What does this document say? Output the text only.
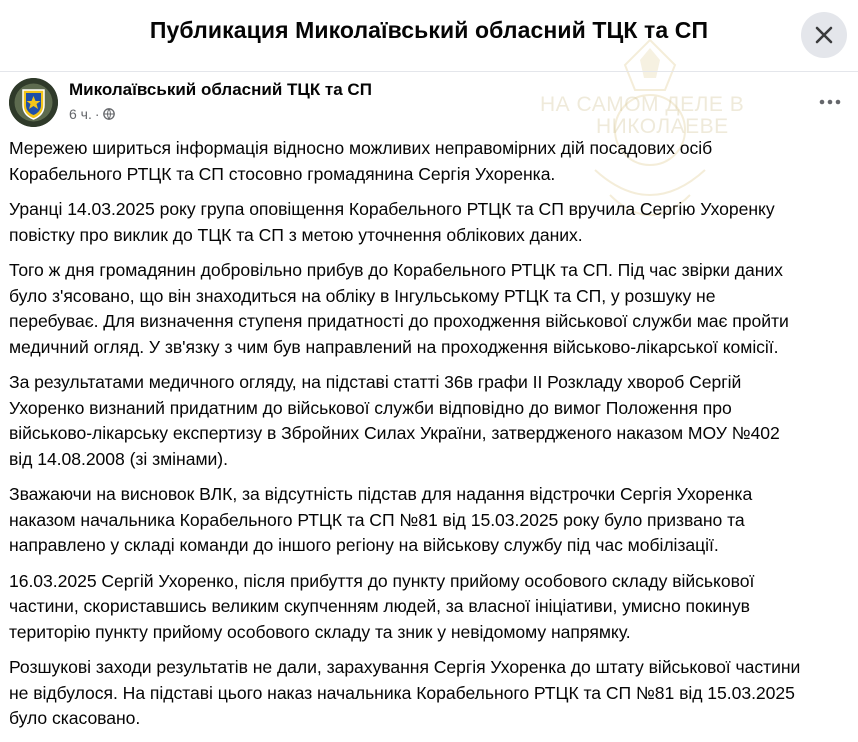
НА САМОМ ДЕЛЕ В
НИКОЛАЕВЕ
Публикация Миколаївський обласний ТЦК та СП
Миколаївський обласний ТЦК та СП
6 ч. ·

Мережею шириться інформація відносно можливих неправомірних дій посадових осіб
Корабельного РТЦК та СП стосовно громадянина Сергія Ухоренка.

Уранці 14.03.2025 року група оповіщення Корабельного РТЦК та СП вручила Сергію Ухоренку
повістку про виклик до ТЦК та СП з метою уточнення облікових даних.

Того ж дня громадянин добровільно прибув до Корабельного РТЦК та СП. Під час звірки даних
було з'ясовано, що він знаходиться на обліку в Інгульському РТЦК та СП, у розшуку не
перебуває. Для визначення ступеня придатності до проходження військової служби має пройти
медичний огляд. У зв'язку з чим був направлений на проходження військово-лікарської комісії.

За результатами медичного огляду, на підставі статті 36в графи ІІ Розкладу хвороб Сергій
Ухоренко визнаний придатним до військової служби відповідно до вимог Положення про
військово-лікарську експертизу в Збройних Силах України, затвердженого наказом МОУ №402
від 14.08.2008 (зі змінами).

Зважаючи на висновок ВЛК, за відсутність підстав для надання відстрочки Сергія Ухоренка
наказом начальника Корабельного РТЦК та СП №81 від 15.03.2025 року було призвано та
направлено у складі команди до іншого регіону на військову службу під час мобілізації.

16.03.2025 Сергій Ухоренко, після прибуття до пункту прийому особового складу військової
частини, скориставшись великим скупченням людей, за власної ініціативи, умисно покинув
територію пункту прийому особового складу та зник у невідомому напрямку.

Розшукові заходи результатів не дали, зарахування Сергія Ухоренка до штату військової частини
не відбулося. На підставі цього наказ начальника Корабельного РТЦК та СП №81 від 15.03.2025
було скасовано.
